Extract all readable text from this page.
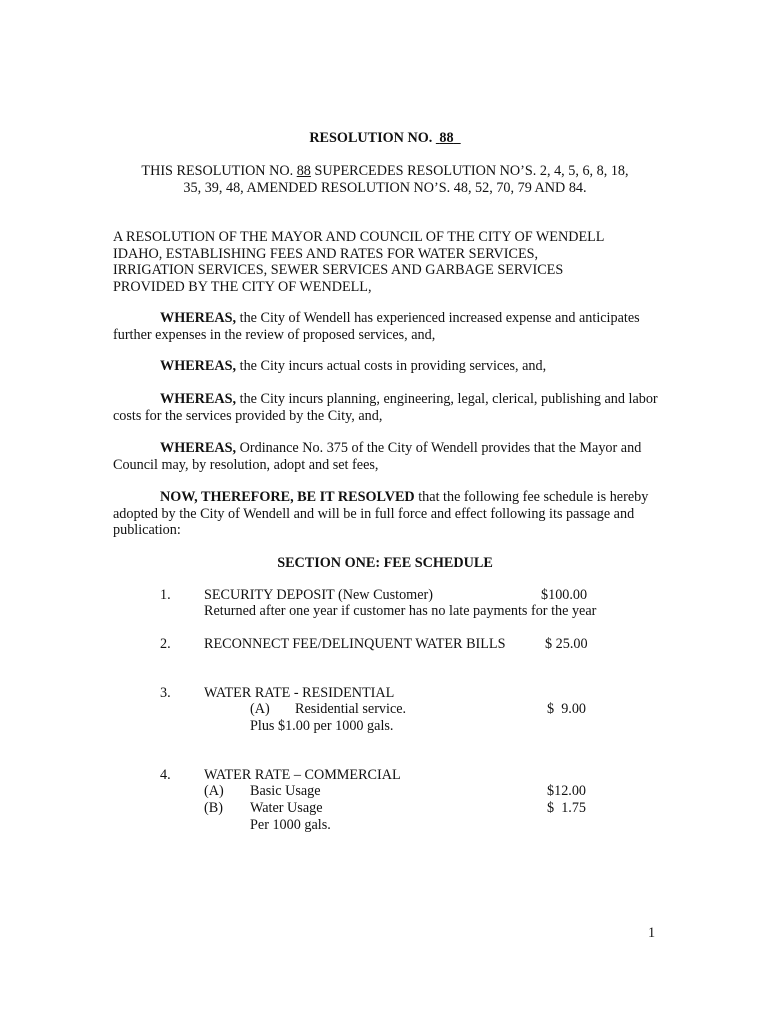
RESOLUTION NO.  88
THIS RESOLUTION NO. 88 SUPERCEDES RESOLUTION NO’S. 2, 4, 5, 6, 8, 18,
35, 39, 48, AMENDED RESOLUTION NO’S. 48, 52, 70, 79 AND 84.
A RESOLUTION OF THE MAYOR AND COUNCIL OF THE CITY OF WENDELL
IDAHO, ESTABLISHING FEES AND RATES FOR WATER SERVICES,
IRRIGATION SERVICES, SEWER SERVICES AND GARBAGE SERVICES
PROVIDED BY THE CITY OF WENDELL,
WHEREAS, the City of Wendell has experienced increased expense and anticipates further expenses in the review of proposed services, and,
WHEREAS, the City incurs actual costs in providing services, and,
WHEREAS, the City incurs planning, engineering, legal, clerical, publishing and labor costs for the services provided by the City, and,
WHEREAS, Ordinance No. 375 of the City of Wendell provides that the Mayor and Council may, by resolution, adopt and set fees,
NOW, THEREFORE, BE IT RESOLVED that the following fee schedule is hereby adopted by the City of Wendell and will be in full force and effect following its passage and publication:
SECTION ONE: FEE SCHEDULE
1. SECURITY DEPOSIT (New Customer)	$100.00
Returned after one year if customer has no late payments for the year
2. RECONNECT FEE/DELINQUENT WATER BILLS	$ 25.00
3. WATER RATE - RESIDENTIAL
(A) Residential service.	$  9.00
Plus $1.00 per 1000 gals.
4. WATER RATE – COMMERCIAL
(A) Basic Usage	$12.00
(B) Water Usage	$  1.75
Per 1000 gals.
1
